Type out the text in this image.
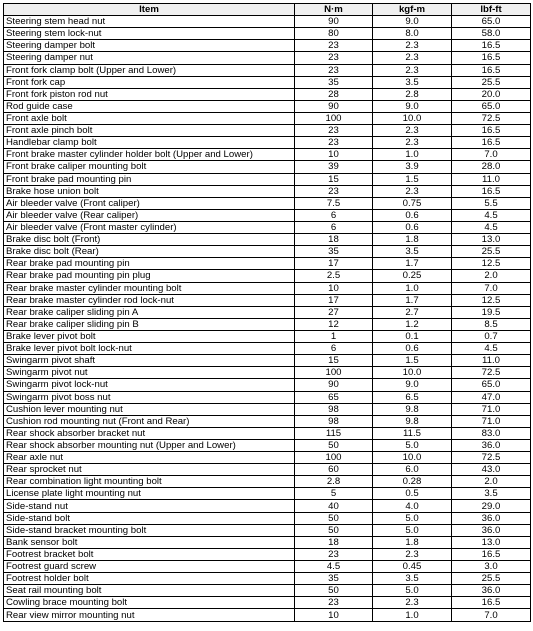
Item	N·m	kgf-m	lbf-ft
Steering stem head nut	90	9.0	65.0
Steering stem lock-nut	80	8.0	58.0
Steering damper bolt	23	2.3	16.5
Steering damper nut	23	2.3	16.5
Front fork clamp bolt (Upper and Lower)	23	2.3	16.5
Front fork cap	35	3.5	25.5
Front fork piston rod nut	28	2.8	20.0
Rod guide case	90	9.0	65.0
Front axle bolt	100	10.0	72.5
Front axle pinch bolt	23	2.3	16.5
Handlebar clamp bolt	23	2.3	16.5
Front brake master cylinder holder bolt (Upper and Lower)	10	1.0	7.0
Front brake caliper mounting bolt	39	3.9	28.0
Front brake pad mounting pin	15	1.5	11.0
Brake hose union bolt	23	2.3	16.5
Air bleeder valve (Front caliper)	7.5	0.75	5.5
Air bleeder valve (Rear caliper)	6	0.6	4.5
Air bleeder valve (Front master cylinder)	6	0.6	4.5
Brake disc bolt (Front)	18	1.8	13.0
Brake disc bolt (Rear)	35	3.5	25.5
Rear brake pad mounting pin	17	1.7	12.5
Rear brake pad mounting pin plug	2.5	0.25	2.0
Rear brake master cylinder mounting bolt	10	1.0	7.0
Rear brake master cylinder rod lock-nut	17	1.7	12.5
Rear brake caliper sliding pin A	27	2.7	19.5
Rear brake caliper sliding pin B	12	1.2	8.5
Brake lever pivot bolt	1	0.1	0.7
Brake lever pivot bolt lock-nut	6	0.6	4.5
Swingarm pivot shaft	15	1.5	11.0
Swingarm pivot nut	100	10.0	72.5
Swingarm pivot lock-nut	90	9.0	65.0
Swingarm pivot boss nut	65	6.5	47.0
Cushion lever mounting nut	98	9.8	71.0
Cushion rod mounting nut (Front and Rear)	98	9.8	71.0
Rear shock absorber bracket nut	115	11.5	83.0
Rear shock absorber mounting nut (Upper and Lower)	50	5.0	36.0
Rear axle nut	100	10.0	72.5
Rear sprocket nut	60	6.0	43.0
Rear combination light mounting bolt	2.8	0.28	2.0
License plate light mounting nut	5	0.5	3.5
Side-stand nut	40	4.0	29.0
Side-stand bolt	50	5.0	36.0
Side-stand bracket mounting bolt	50	5.0	36.0
Bank sensor bolt	18	1.8	13.0
Footrest bracket bolt	23	2.3	16.5
Footrest guard screw	4.5	0.45	3.0
Footrest holder bolt	35	3.5	25.5
Seat rail mounting bolt	50	5.0	36.0
Cowling brace mounting bolt	23	2.3	16.5
Rear view mirror mounting nut	10	1.0	7.0
